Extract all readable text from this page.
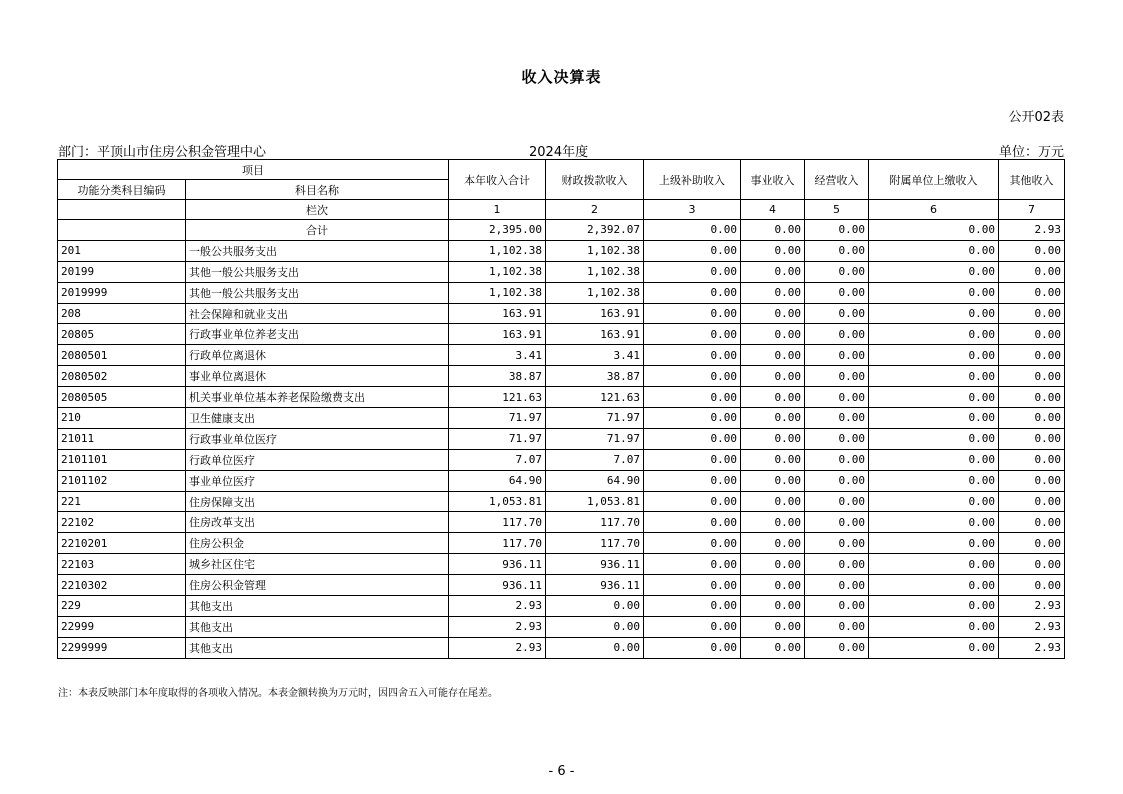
收入决算表
公开02表
部门：平顶山市住房公积金管理中心	2024年度	单位：万元
项目		本年收入合计	财政拨款收入	上级补助收入	事业收入	经营收入	附属单位上缴收入	其他收入
功能分类科目编码	科目名称							
	栏次	1	2	3	4	5	6	7
	合计	2,395.00	2,392.07	0.00	0.00	0.00	0.00	2.93
201	一般公共服务支出	1,102.38	1,102.38	0.00	0.00	0.00	0.00	0.00
20199	其他一般公共服务支出	1,102.38	1,102.38	0.00	0.00	0.00	0.00	0.00
2019999	其他一般公共服务支出	1,102.38	1,102.38	0.00	0.00	0.00	0.00	0.00
208	社会保障和就业支出	163.91	163.91	0.00	0.00	0.00	0.00	0.00
20805	行政事业单位养老支出	163.91	163.91	0.00	0.00	0.00	0.00	0.00
2080501	行政单位离退休	3.41	3.41	0.00	0.00	0.00	0.00	0.00
2080502	事业单位离退休	38.87	38.87	0.00	0.00	0.00	0.00	0.00
2080505	机关事业单位基本养老保险缴费支出	121.63	121.63	0.00	0.00	0.00	0.00	0.00
210	卫生健康支出	71.97	71.97	0.00	0.00	0.00	0.00	0.00
21011	行政事业单位医疗	71.97	71.97	0.00	0.00	0.00	0.00	0.00
2101101	行政单位医疗	7.07	7.07	0.00	0.00	0.00	0.00	0.00
2101102	事业单位医疗	64.90	64.90	0.00	0.00	0.00	0.00	0.00
221	住房保障支出	1,053.81	1,053.81	0.00	0.00	0.00	0.00	0.00
22102	住房改革支出	117.70	117.70	0.00	0.00	0.00	0.00	0.00
2210201	住房公积金	117.70	117.70	0.00	0.00	0.00	0.00	0.00
22103	城乡社区住宅	936.11	936.11	0.00	0.00	0.00	0.00	0.00
2210302	住房公积金管理	936.11	936.11	0.00	0.00	0.00	0.00	0.00
229	其他支出	2.93	0.00	0.00	0.00	0.00	0.00	2.93
22999	其他支出	2.93	0.00	0.00	0.00	0.00	0.00	2.93
2299999	其他支出	2.93	0.00	0.00	0.00	0.00	0.00	2.93
注：本表反映部门本年度取得的各项收入情况。本表金额转换为万元时，因四舍五入可能存在尾差。
- 6 -
